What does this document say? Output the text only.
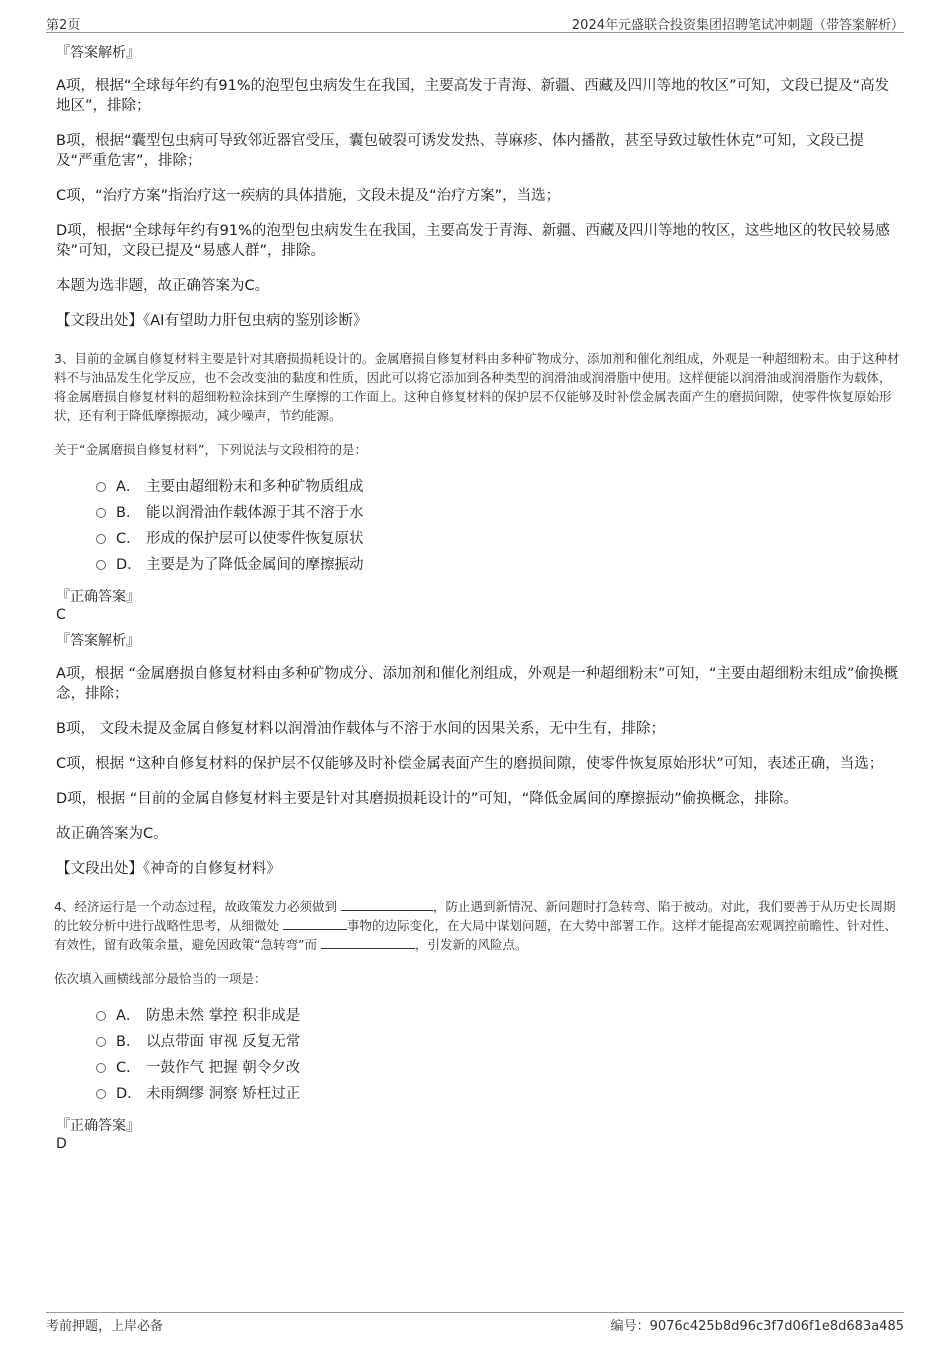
第2页	2024年元盛联合投资集团招聘笔试冲刺题（带答案解析）
『答案解析』
A项，根据“全球每年约有91%的泡型包虫病发生在我国，主要高发于青海、新疆、西藏及四川等地的牧区”可知，文段已提及“高发地区”，排除；
B项，根据“囊型包虫病可导致邻近器官受压，囊包破裂可诱发发热、荨麻疹、体内播散，甚至导致过敏性休克”可知，文段已提及“严重危害”，排除；
C项，“治疗方案”指治疗这一疾病的具体措施，文段未提及“治疗方案”，当选；
D项，根据“全球每年约有91%的泡型包虫病发生在我国，主要高发于青海、新疆、西藏及四川等地的牧区，这些地区的牧民较易感染”可知，文段已提及“易感人群”，排除。
本题为选非题，故正确答案为C。
【文段出处】《AI有望助力肝包虫病的鉴别诊断》
3、目前的金属自修复材料主要是针对其磨损损耗设计的。金属磨损自修复材料由多种矿物成分、添加剂和催化剂组成，外观是一种超细粉末。由于这种材料不与油品发生化学反应，也不会改变油的黏度和性质，因此可以将它添加到各种类型的润滑油或润滑脂中使用。这样便能以润滑油或润滑脂作为载体，将金属磨损自修复材料的超细粉粒涂抹到产生摩擦的工作面上。这种自修复材料的保护层不仅能够及时补偿金属表面产生的磨损间隙，使零件恢复原始形状，还有利于降低摩擦振动，减少噪声，节约能源。
关于“金属磨损自修复材料”，下列说法与文段相符的是：
A． 主要由超细粉末和多种矿物质组成
B． 能以润滑油作载体源于其不溶于水
C． 形成的保护层可以使零件恢复原状
D． 主要是为了降低金属间的摩擦振动
『正确答案』
C
『答案解析』
A项，根据 “金属磨损自修复材料由多种矿物成分、添加剂和催化剂组成，外观是一种超细粉末”可知，“主要由超细粉末组成”偷换概念，排除；
B项， 文段未提及金属自修复材料以润滑油作载体与不溶于水间的因果关系，无中生有，排除；
C项，根据 “这种自修复材料的保护层不仅能够及时补偿金属表面产生的磨损间隙，使零件恢复原始形状”可知，表述正确，当选；
D项，根据 “目前的金属自修复材料主要是针对其磨损损耗设计的”可知，“降低金属间的摩擦振动”偷换概念，排除。
故正确答案为C。
【文段出处】《神奇的自修复材料》
4、经济运行是一个动态过程，故政策发力必须做到	，防止遇到新情况、新问题时打急转弯、陷于被动。对此，我们要善于从历史长周期的比较分析中进行战略性思考，从细微处	事物的边际变化，在大局中谋划问题，在大势中部署工作。这样才能提高宏观调控前瞻性、针对性、有效性，留有政策余量，避免因政策“急转弯”而	，引发新的风险点。
依次填入画横线部分最恰当的一项是：
A． 防患未然 掌控 积非成是
B． 以点带面 审视 反复无常
C． 一鼓作气 把握 朝令夕改
D． 未雨绸缪 洞察 矫枉过正
『正确答案』
D
考前押题，上岸必备	编号：9076c425b8d96c3f7d06f1e8d683a485
